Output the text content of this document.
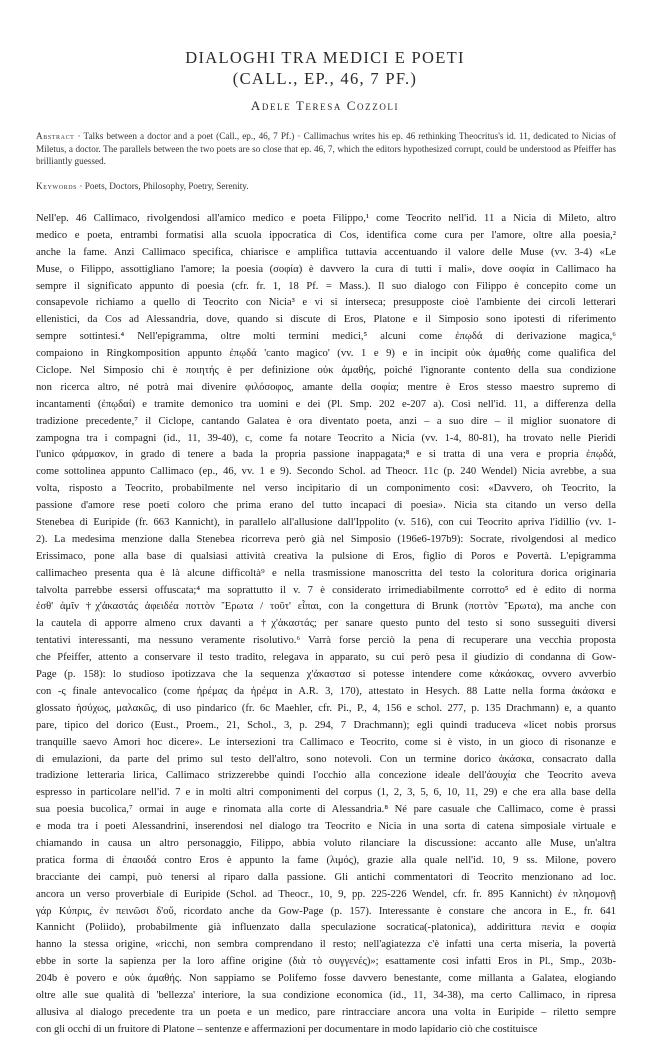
DIALOGHI TRA MEDICI E POETI
(CALL., EP., 46, 7 PF.)
Adele Teresa Cozzoli
Abstract · Talks between a doctor and a poet (Call., ep., 46, 7 Pf.) · Callimachus writes his ep. 46 rethinking Theocritus's id. 11, dedicated to Nicias of Miletus, a doctor. The parallels between the two poets are so close that ep. 46, 7, which the editors hypothesized corrupt, could be understood as Pfeiffer has brilliantly guessed.
Keywords · Poets, Doctors, Philosophy, Poetry, Serenity.
Nell'ep. 46 Callimaco, rivolgendosi all'amico medico e poeta Filippo,¹ come Teocrito nell'id. 11 a Nicia di Mileto, altro
medico e poeta, entrambi formatisi alla scuola ippocratica di Cos, identifica come cura per l'amore, oltre alla poesia,²
anche la fame. Anzi Callimaco specifica, chiarisce e amplifica tuttavia accentuando il valore delle Muse (vv. 3-4) «Le
Muse, o Filippo, assottigliano l'amore; la poesia (σοφία) è davvero la cura di tutti i mali», dove σοφία in Callimaco ha
sempre il significato appunto di poesia (cfr. fr. 1, 18 Pf. = Mass.). Il suo dialogo con Filippo è concepito come un
consapevole richiamo a quello di Teocrito con Nicia³ e vi si interseca; presupposte cioè l'ambiente dei circoli letterari
ellenistici, da Cos ad Alessandria, dove, quando si discute di Eros, Platone e il Simposio sono ipotesti di riferimento
sempre sottintesi.⁴ Nell'epigramma, oltre molti termini medici,⁵ alcuni come ἐπῳδά di derivazione magica,⁶
compaiono in Ringkomposition appunto ἐπῳδά 'canto magico' (vv. 1 e 9) e in incipit οὐκ ἀμαθής come qualifica del
Ciclope. Nel Simposio chi è ποιητής è per definizione οὐκ ἀμαθής, poiché l'ignorante contento della sua condizione
non ricerca altro, né potrà mai divenire φιλόσοφος, amante della σοφία; mentre è Eros stesso maestro supremo di
incantamenti (ἐπῳδαί) e tramite demonico tra uomini e dei (Pl. Smp. 202 e-207 a). Così nell'id. 11, a differenza della
tradizione precedente,⁷ il Ciclope, cantando Galatea è ora diventato poeta, anzi – a suo dire – il miglior suonatore di
zampogna tra i compagni (id., 11, 39-40), c, come fa notare Teocrito a Nicia (vv. 1-4, 80-81), ha trovato nelle Pieridi
l'unico φάρμακον, in grado di tenere a bada la propria passione inappagata;⁸ e si tratta di una vera e propria ἐπῳδά,
come sottolinea appunto Callimaco (ep., 46, vv. 1 e 9). Secondo Schol. ad Theocr. 11c (p. 240 Wendel) Nicia avrebbe, a sua
volta, risposto a Teocrito, probabilmente nel verso incipitario di un componimento così: «Davvero, oh Teocrito, la
passione d'amore rese poeti coloro che prima erano del tutto incapaci di poesia». Nicia sta citando un verso della
Stenebea di Euripide (fr. 663 Kannicht), in parallelo all'allusione dall'Ippolito (v. 516), con cui Teocrito apriva l'idillio (vv. 1-
2). La medesima menzione dalla Stenebea ricorreva però già nel Simposio (196e6-197b9): Socrate, rivolgendosi al medico
Erissimaco, pone alla base di qualsiasi attività creativa la pulsione di Eros, figlio di Poros e Povertà. L'epigramma
callimacheo presenta qua è là alcune difficoltà⁹ e nella trasmissione manoscritta del testo la coloritura dorica originaria
talvolta parrebbe essersi offuscata;⁴ ma soprattutto il v. 7 è considerato irrimediabilmente corrotto⁵ ed è edito di norma
ἐσθ' ἀμῖν †χ'ἀκαστάς ἀφειδέα ποττὸν Ἔρωτα / τοῦτ' εἶπαι, con la congettura di Brunk (ποττὸν Ἔρωτα), ma anche con
la cautela di apporre almeno crux davanti a †χ'ἀκαστάς; per sanare questo punto del testo si sono susseguiti diversi
tentativi interessanti, ma nessuno veramente risolutivo.⁶ Varrà forse perciò la pena di recuperare una vecchia proposta
che Pfeiffer, attento a conservare il testo tradito, relegava in apparato, su cui però pesa il giudizio di condanna di Gow-
Page (p. 158): lo studioso ipotizzava che la sequenza χ'ἀκαστασ si potesse intendere come κἀκάσκας, ovvero avverbio
con -ς finale antevocalico (come ἠρέμας da ἠρέμα in A.R. 3, 170), attestato in Hesych. 88 Latte nella forma ἀκάσκα e
glossato ἡσύχως, μαλακῶς, di uso pindarico (fr. 6c Maehler, cfr. Pi., P., 4, 156 e schol. 277, p. 135 Drachmann) e, a quanto
pare, tipico del dorico (Eust., Proem., 21, Schol., 3, p. 294, 7 Drachmann); egli quindi traduceva «licet nobis prorsus
tranquille saevo Amori hoc dicere». Le intersezioni tra Callimaco e Teocrito, come si è visto, in un gioco di risonanze e
di emulazioni, da parte del primo sul testo dell'altro, sono notevoli. Con un termine dorico ἀκάσκα, consacrato dalla
tradizione letteraria lirica, Callimaco strizzerebbe quindi l'occhio alla concezione ideale dell'ἀσυχία che Teocrito aveva
espresso in particolare nell'id. 7 e in molti altri componimenti del corpus (1, 2, 3, 5, 6, 10, 11, 29) e che era alla base della
sua poesia bucolica,⁷ ormai in auge e rinomata alla corte di Alessandria.⁸ Né pare casuale che Callimaco, come è prassi
e moda tra i poeti Alessandrini, inserendosi nel dialogo tra Teocrito e Nicia in una sorta di catena simposiale virtuale e
chiamando in causa un altro personaggio, Filippo, abbia voluto rilanciare la discussione: accanto alle Muse, un'altra
pratica forma di ἐπαοιδά contro Eros è appunto la fame (λιμός), grazie alla quale nell'id. 10, 9 ss. Milone, povero
bracciante dei campi, può tenersi al riparo dalla passione. Gli antichi commentatori di Teocrito menzionano ad loc.
ancora un verso proverbiale di Euripide (Schol. ad Theocr., 10, 9, pp. 225-226 Wendel, cfr. fr. 895 Kannicht) ἐν πλησμονῇ
γάρ Κύπρις, ἐν πεινῶσι δ'οὔ, ricordato anche da Gow-Page (p. 157). Interessante è constare che ancora in E., fr. 641
Kannicht (Polìido), probabilmente già influenzato dalla speculazione socratica(-platonica), addirittura πενία e σοφία
hanno la stessa origine, «ricchi, non sembra comprendano il resto; nell'agiatezza c'è infatti una certa miseria, la povertà
ebbe in sorte la sapienza per la loro affine origine (διὰ τὸ συγγενές)»; esattamente così infatti Eros in Pl., Smp., 203b-
204b è povero e οὐκ ἀμαθής. Non sappiamo se Polifemo fosse davvero benestante, come millanta a Galatea, elogiando
oltre alle sue qualità di 'bellezza' interiore, la sua condizione economica (id., 11, 34-38), ma certo Callimaco, in ripresa
allusiva al dialogo precedente tra un poeta e un medico, pare rintracciare ancora una volta in Euripide – riletto sempre
con gli occhi di un fruitore di Platone – sentenze e affermazioni per documentare in modo lapidario ciò che costituisce
